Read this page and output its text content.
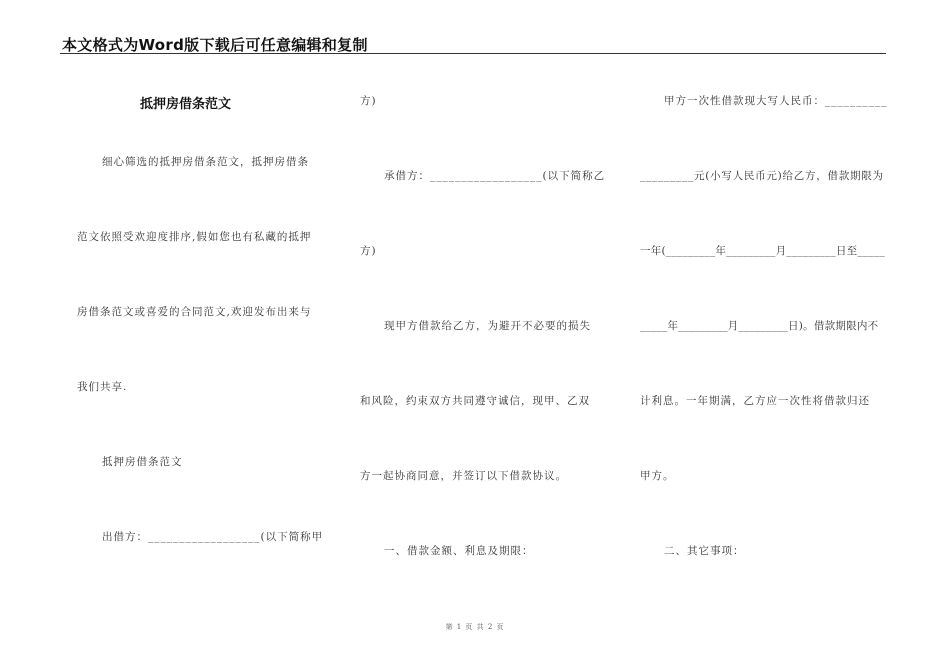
本文格式为Word版下载后可任意编辑和复制
抵押房借条范文
细心筛选的抵押房借条范文，抵押房借条
范文依照受欢迎度排序,假如您也有私藏的抵押
房借条范文或喜爱的合同范文,欢迎发布出来与
我们共享.
抵押房借条范文
出借方：__________________(以下简称甲
方)
承借方：__________________(以下简称乙
方)
现甲方借款给乙方，为避开不必要的损失
和风险，约束双方共同遵守诚信，现甲、乙双
方一起协商同意，并签订以下借款协议。
一、借款金额、利息及期限：
甲方一次性借款现大写人民币：__________
_________元(小写人民币元)给乙方，借款期限为
一年(_________年_________月_________日至_____
_____年_________月_________日)。借款期限内不
计利息。一年期满，乙方应一次性将借款归还
甲方。
二、其它事项：
第 1 页 共 2 页
